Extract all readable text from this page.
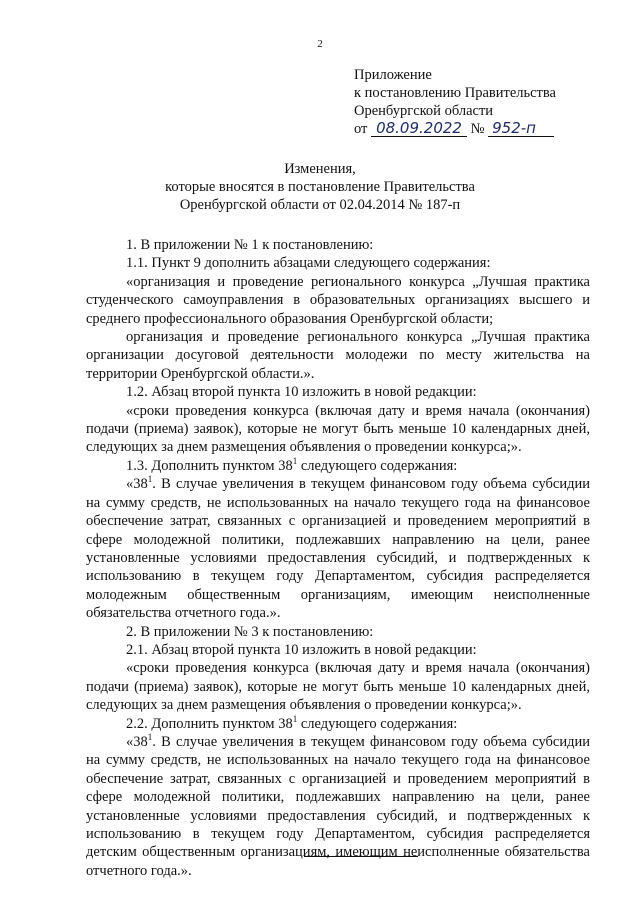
2
Приложение
к постановлению Правительства
Оренбургской области
от 08.09.2022 № 952-п
Изменения,
которые вносятся в постановление Правительства
Оренбургской области от 02.04.2014 № 187-п

1. В приложении № 1 к постановлению:

1.1. Пункт 9 дополнить абзацами следующего содержания:

«организация и проведение регионального конкурса „Лучшая практика студенческого самоуправления в образовательных организациях высшего и среднего профессионального образования Оренбургской области;

организация и проведение регионального конкурса „Лучшая практика организации досуговой деятельности молодежи по месту жительства на территории Оренбургской области.».

1.2. Абзац второй пункта 10 изложить в новой редакции:

«сроки проведения конкурса (включая дату и время начала (окончания) подачи (приема) заявок), которые не могут быть меньше 10 календарных дней, следующих за днем размещения объявления о проведении конкурса;».

1.3. Дополнить пунктом $38^1$ следующего содержания:

«$38^1$. В случае увеличения в текущем финансовом году объема субсидии на сумму средств, не использованных на начало текущего года на финансовое обеспечение затрат, связанных с организацией и проведением мероприятий в сфере молодежной политики, подлежавших направлению на цели, ранее установленные условиями предоставления субсидий, и подтвержденных к использованию в текущем году Департаментом, субсидия распределяется молодежным общественным организациям, имеющим неисполненные обязательства отчетного года.».

2. В приложении № 3 к постановлению:

2.1. Абзац второй пункта 10 изложить в новой редакции:

«сроки проведения конкурса (включая дату и время начала (окончания) подачи (приема) заявок), которые не могут быть меньше 10 календарных дней, следующих за днем размещения объявления о проведении конкурса;».

2.2. Дополнить пунктом $38^1$ следующего содержания:

«$38^1$. В случае увеличения в текущем финансовом году объема субсидии на сумму средств, не использованных на начало текущего года на финансовое обеспечение затрат, связанных с организацией и проведением мероприятий в сфере молодежной политики, подлежавших направлению на цели, ранее установленные условиями предоставления субсидий, и подтвержденных к использованию в текущем году Департаментом, субсидия распределяется детским общественным организациям, имеющим неисполненные обязательства отчетного года.».
